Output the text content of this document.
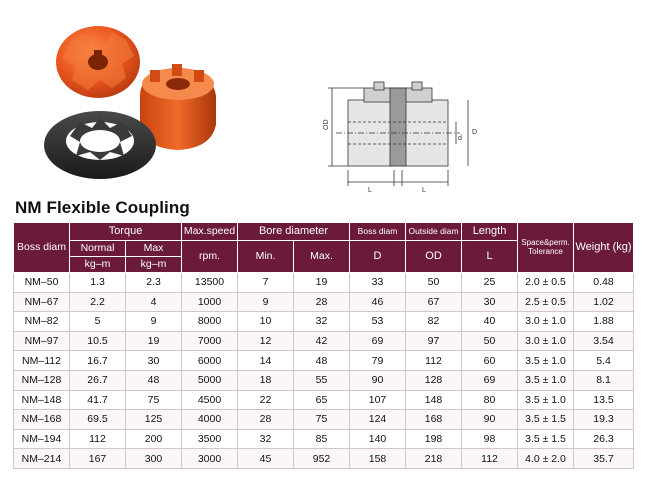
OD
D
d
L	L
NM Flexible Coupling
Boss diam	Torque		Max.speed	Bore diameter		Boss diam	Outside diam	Length	Space&perm. Tolerance	Weight (kg)
	Normal	Max	rpm.	Min.	Max.	D	OD	L		
	kg–m	kg–m								
NM–50	1.3	2.3	13500	7	19	33	50	25	2.0 ± 0.5	0.48
NM–67	2.2	4	1000	9	28	46	67	30	2.5 ± 0.5	1.02
NM–82	5	9	8000	10	32	53	82	40	3.0 ± 1.0	1.88
NM–97	10.5	19	7000	12	42	69	97	50	3.0 ± 1.0	3.54
NM–112	16.7	30	6000	14	48	79	112	60	3.5 ± 1.0	5.4
NM–128	26.7	48	5000	18	55	90	128	69	3.5 ± 1.0	8.1
NM–148	41.7	75	4500	22	65	107	148	80	3.5 ± 1.0	13.5
NM–168	69.5	125	4000	28	75	124	168	90	3.5 ± 1.5	19.3
NM–194	112	200	3500	32	85	140	198	98	3.5 ± 1.5	26.3
NM–214	167	300	3000	45	952	158	218	112	4.0 ± 2.0	35.7
